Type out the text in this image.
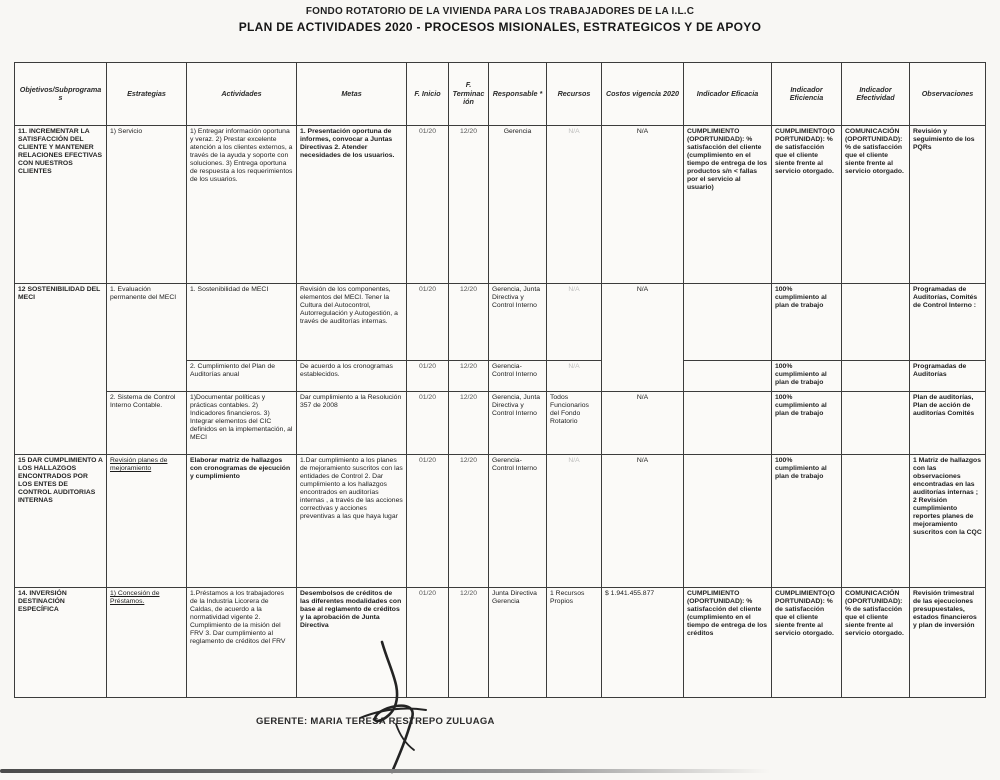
FONDO ROTATORIO DE LA VIVIENDA PARA LOS TRABAJADORES DE LA I.L.C
PLAN DE ACTIVIDADES 2020 - PROCESOS MISIONALES, ESTRATEGICOS Y DE APOYO
Objetivos/Subprogramas	Estrategias	Actividades	Metas	F. Inicio	F. Terminación	Responsable *	Recursos	Costos vigencia 2020	Indicador Eficacia	Indicador Eficiencia	Indicador Efectividad	Observaciones
11. INCREMENTAR LA SATISFACCIÓN DEL CLIENTE Y MANTENER RELACIONES EFECTIVAS CON NUESTROS CLIENTES	1) Servicio	1) Entregar información oportuna y veraz. 2) Prestar excelente atención a los clientes externos, a través de la ayuda y soporte con soluciones. 3) Entrega oportuna de respuesta a los requerimientos de los usuarios.	1. Presentación oportuna de informes, convocar a Juntas Directivas 2. Atender necesidades de los usuarios.	01/20	12/20	Gerencia	N/A	N/A	CUMPLIMIENTO (OPORTUNIDAD): % satisfacción del cliente (cumplimiento en el tiempo de entrega de los productos s/n < fallas por el servicio al usuario)	CUMPLIMIENTO(OPORTUNIDAD): % de satisfacción que el cliente siente frente al servicio otorgado.	COMUNICACIÓN (OPORTUNIDAD): % de satisfacción que el cliente siente frente al servicio otorgado.	Revisión y seguimiento de los PQRs
12 SOSTENIBILIDAD DEL MECI	1. Evaluación permanente del MECI	1. Sostenibilidad de MECI	Revisión de los componentes, elementos del MECI. Tener la Cultura del Autocontrol, Autorregulación y Autogestión, a través de auditorías internas.	01/20	12/20	Gerencia, Junta Directiva y Control Interno	N/A	N/A		100% cumplimiento al plan de trabajo		Programadas de Auditorías, Comités de Control Interno :
		2. Cumplimiento del Plan de Auditorías anual	De acuerdo a los cronogramas establecidos.	01/20	12/20	Gerencia- Control Interno	N/A			100% cumplimiento al plan de trabajo		Programadas de Auditorías
	2. Sistema de Control Interno Contable.	1)Documentar políticas y prácticas contables. 2) Indicadores financieros. 3) Integrar elementos del CIC definidos en la implementación, al MECI	Dar cumplimiento a la Resolución 357 de 2008	01/20	12/20	Gerencia, Junta Directiva y Control Interno	Todos Funcionarios del Fondo Rotatorio	N/A		100% cumplimiento al plan de trabajo		Plan de auditorías, Plan de acción de auditorías Comités
15 DAR CUMPLIMIENTO A LOS HALLAZGOS ENCONTRADOS POR LOS ENTES DE CONTROL AUDITORIAS INTERNAS	Revisión planes de mejoramiento	Elaborar matriz de hallazgos con cronogramas de ejecución y cumplimiento	1.Dar cumplimiento a los planes de mejoramiento suscritos con las entidades de Control 2. Dar cumplimiento a los hallazgos encontrados en auditorías internas , a través de las acciones correctivas y acciones preventivas a las que haya lugar	01/20	12/20	Gerencia- Control Interno	N/A	N/A		100% cumplimiento al plan de trabajo		1 Matriz de hallazgos con las observaciones encontradas en las auditorías internas ; 2 Revisión cumplimiento reportes planes de mejoramiento suscritos con la CQC
14. INVERSIÓN DESTINACIÓN ESPECÍFICA	1) Concesión de Préstamos.	1.Préstamos a los trabajadores de la Industria Licorera de Caldas, de acuerdo a la normatividad vigente 2. Cumplimiento de la misión del FRV 3. Dar cumplimiento al reglamento de créditos del FRV	Desembolsos de créditos de las diferentes modalidades con base al reglamento de créditos y la aprobación de Junta Directiva	01/20	12/20	Junta Directiva Gerencia	1 Recursos Propios	$ 1.941.455.877	CUMPLIMIENTO (OPORTUNIDAD): % satisfacción del cliente (cumplimiento en el tiempo de entrega de los créditos	CUMPLIMIENTO(OPORTUNIDAD): % de satisfacción que el cliente siente frente al servicio otorgado.	COMUNICACIÓN (OPORTUNIDAD): % de satisfacción que el cliente siente frente al servicio otorgado.	Revisión trimestral de las ejecuciones presupuestales, estados financieros y plan de inversión
GERENTE: MARIA TERESA RESTREPO ZULUAGA
